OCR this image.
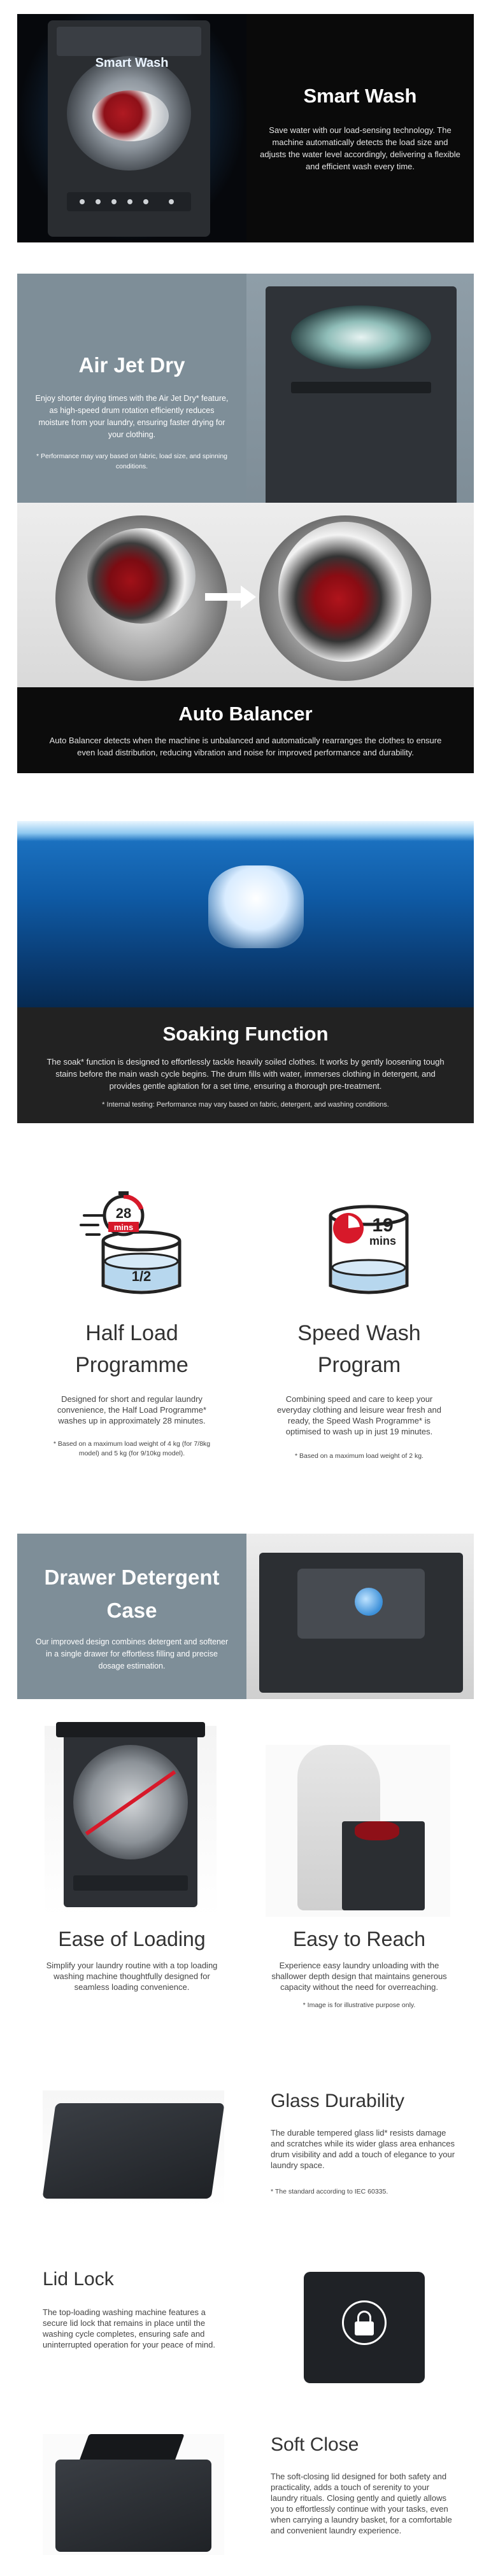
Smart Wash
Smart Wash

Save water with our load-sensing technology. The machine automatically detects the load size and adjusts the water level accordingly, delivering a flexible and efficient wash every time.

Air Jet Dry

Enjoy shorter drying times with the Air Jet Dry* feature, as high-speed drum rotation efficiently reduces moisture from your laundry, ensuring faster drying for your clothing.

* Performance may vary based on fabric, load size, and spinning conditions.

Auto Balancer

Auto Balancer detects when the machine is unbalanced and automatically rearranges the clothes to ensure even load distribution, reducing vibration and noise for improved performance and durability.

Soaking Function

The soak* function is designed to effortlessly tackle heavily soiled clothes. It works by gently loosening tough stains before the main wash cycle begins. The drum fills with water, immerses clothing in detergent, and provides gentle agitation for a set time, ensuring a thorough pre-treatment.

* Internal testing: Performance may vary based on fabric, detergent, and washing conditions.

28
mins
1/2
Half Load
Programme

Designed for short and regular laundry convenience, the Half Load Programme* washes up in approximately 28 minutes.

* Based on a maximum load weight of 4 kg (for 7/8kg model) and 5 kg (for 9/10kg model).

19
mins
Speed Wash
Program

Combining speed and care to keep your everyday clothing and leisure wear fresh and ready, the Speed Wash Programme* is optimised to wash up in just 19 minutes.

* Based on a maximum load weight of 2 kg.

Drawer Detergent
Case

Our improved design combines detergent and softener in a single drawer for effortless filling and precise dosage estimation.

Ease of Loading

Simplify your laundry routine with a top loading washing machine thoughtfully designed for seamless loading convenience.

Easy to Reach

Experience easy laundry unloading with the shallower depth design that maintains generous capacity without the need for overreaching.

* Image is for illustrative purpose only.

Glass Durability

The durable tempered glass lid* resists damage and scratches while its wider glass area enhances drum visibility and add a touch of elegance to your laundry space.

* The standard according to IEC 60335.

Lid Lock

The top-loading washing machine features a secure lid lock that remains in place until the washing cycle completes, ensuring safe and uninterrupted operation for your peace of mind.

Soft Close

The soft-closing lid designed for both safety and practicality, adds a touch of serenity to your laundry rituals. Closing gently and quietly allows you to effortlessly continue with your tasks, even when carrying a laundry basket, for a comfortable and convenient laundry experience.
